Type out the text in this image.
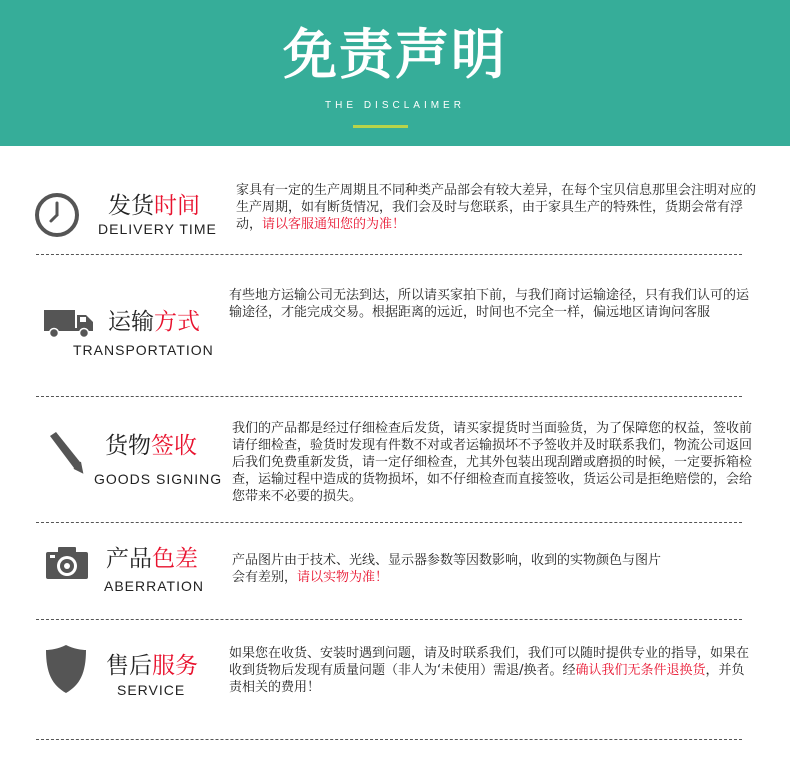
免责声明
THE DISCLAIMER
发货时间
DELIVERY TIME
家具有一定的生产周期且不同种类产品部会有较大差异，在每个宝贝信息那里会注明对应的生产周期，如有断货情况，我们会及时与您联系，由于家具生产的特殊性，货期会常有浮动，请以客服通知您的为准！
运输方式
TRANSPORTATION
有些地方运输公司无法到达，所以请买家拍下前，与我们商讨运输途径，只有我们认可的运输途径，才能完成交易。根据距离的远近，时间也不完全一样，偏远地区请询问客服
货物签收
GOODS SIGNING
我们的产品都是经过仔细检查后发货，请买家提货时当面验货，为了保障您的权益，签收前请仔细检查，验货时发现有件数不对或者运输损坏不予签收并及时联系我们，物流公司返回后我们免费重新发货，请一定仔细检查，尤其外包装出现刮蹭或磨损的时候，一定要拆箱检查，运输过程中造成的货物损坏，如不仔细检查而直接签收，货运公司是拒绝赔偿的，会给您带来不必要的损失。
产品色差
ABERRATION
产品图片由于技术、光线、显示器参数等因数影响，收到的实物颜色与图片会有差别，请以实物为准！
售后服务
SERVICE
如果您在收货、安装时遇到问题，请及时联系我们，我们可以随时提供专业的指导，如果在收到货物后发现有质量问题（非人为‘未使用）需退/换者。经确认我们无条件退换货，并负责相关的费用！
